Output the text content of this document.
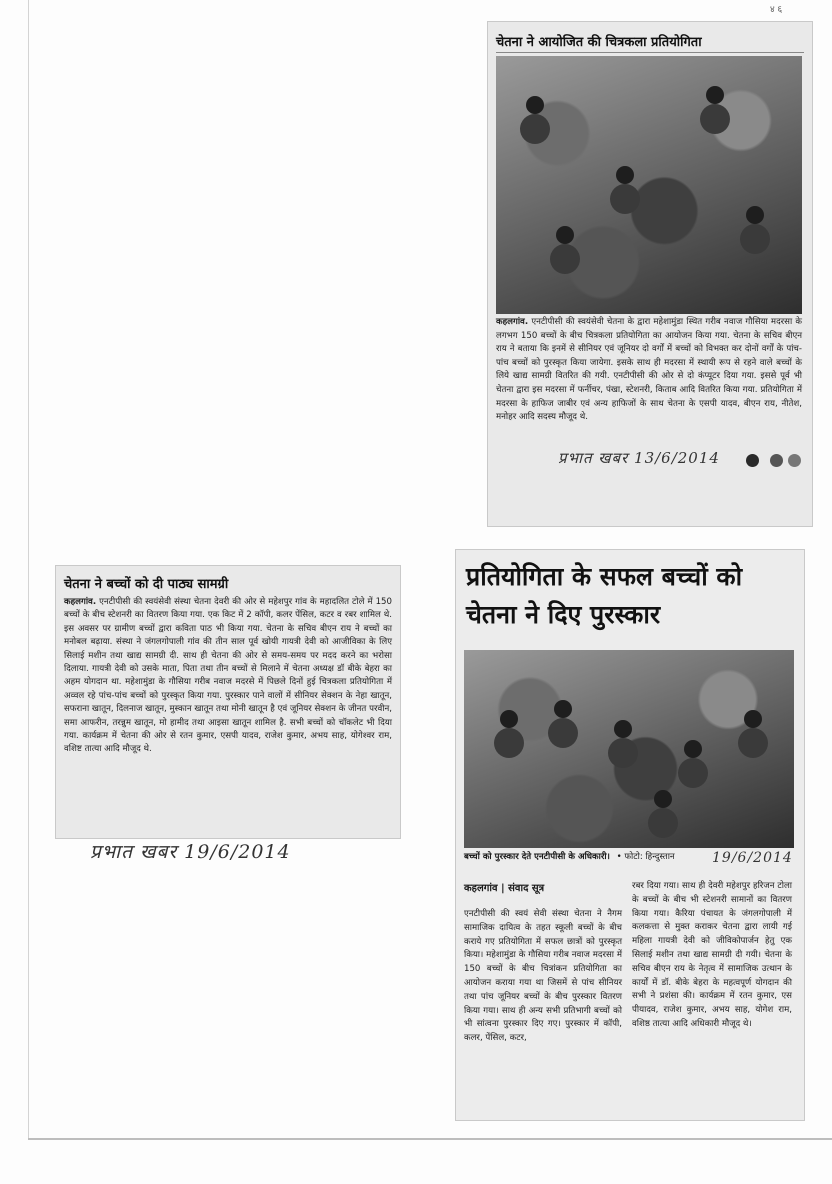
४ ६
चेतना ने आयोजित की चित्रकला प्रतियोगिता
कहलगांव. एनटीपीसी की स्वयंसेवी चेतना के द्वारा महेशामुंडा स्थित गरीब नवाज गौसिया मदरसा के लगभग 150 बच्चों के बीच चित्रकला प्रतियोगिता का आयोजन किया गया. चेतना के सचिव बीएन राय ने बताया कि इनमें से सीनियर एवं जूनियर दो वर्गों में बच्चों को विभक्त कर दोनों वर्गों के पांच-पांच बच्चों को पुरस्कृत किया जायेगा. इसके साथ ही मदरसा में स्थायी रूप से रहने वाले बच्चों के लिये खाद्य सामग्री वितरित की गयी. एनटीपीसी की ओर से दो कंप्यूटर दिया गया. इससे पूर्व भी चेतना द्वारा इस मदरसा में फर्नीचर, पंखा, स्टेशनरी, किताब आदि वितरित किया गया. प्रतियोगिता में मदरसा के हाफिज जाबीर एवं अन्य हाफिजों के साथ चेतना के एसपी यादव, बीएन राय, नीतेश, मनोहर आदि सदस्य मौजूद थे.
प्रभात खबर 13/6/2014
चेतना ने बच्चों को दी पाठ्य सामग्री
कहलगांव. एनटीपीसी की स्वयंसेवी संस्था चेतना देवरी की ओर से महेशपुर गांव के महादलित टोले में 150 बच्चों के बीच स्टेशनरी का वितरण किया गया. एक किट में 2 कॉपी, कलर पेंसिल, कटर व रबर शामिल थे. इस अवसर पर ग्रामीण बच्चों द्वारा कविता पाठ भी किया गया. चेतना के सचिव बीएन राय ने बच्चों का मनोबल बढ़ाया. संस्था ने जंगलगोपाली गांव की तीन साल पूर्व खोयी गायत्री देवी को आजीविका के लिए सिलाई मशीन तथा खाद्य सामग्री दी. साथ ही चेतना की ओर से समय-समय पर मदद करने का भरोसा दिलाया. गायत्री देवी को उसके माता, पिता तथा तीन बच्चों से मिलाने में चेतना अध्यक्ष डॉ बीके बेहरा का अहम योगदान था. महेशामुंडा के गौसिया गरीब नवाज मदरसे में पिछले दिनों हुई चित्रकला प्रतियोगिता में अव्वल रहे पांच-पांच बच्चों को पुरस्कृत किया गया. पुरस्कार पाने वालों में सीनियर सेक्शन के नेहा खातून, सफराना खातून, दिलनाज खातून, मुस्कान खातून तथा मोनी खातून है एवं जूनियर सेक्शन के जीनत परवीन, समा आफरीन, तरन्नुम खातून, मो हामीद तथा आइसा खातून शामिल है. सभी बच्चों को चॉकलेट भी दिया गया. कार्यक्रम में चेतना की ओर से रतन कुमार, एसपी यादव, राजेश कुमार, अभय साह, योगेश्वर राम, वशिष्ट तात्या आदि मौजूद थे.
प्रभात खबर 19/6/2014
प्रतियोगिता के सफल बच्चों को चेतना ने दिए पुरस्कार
बच्चों को पुरस्कार देते एनटीपीसी के अधिकारी। • फोटो: हिन्दुस्तान	19/6/2014
कहलगांव | संवाद सूत्र
एनटीपीसी की स्वयं सेवी संस्था चेतना ने नैगम सामाजिक दायित्व के तहत स्कूली बच्चों के बीच कराये गए प्रतियोगिता में सफल छात्रों को पुरस्कृत किया। महेशामुंडा के गौसिया गरीब नवाज मदरसा में 150 बच्चों के बीच चित्रांकन प्रतियोगिता का आयोजन कराया गया था जिसमें से पांच सीनियर तथा पांच जूनियर बच्चों के बीच पुरस्कार वितरण किया गया। साथ ही अन्य सभी प्रतिभागी बच्चों को भी सांत्वना पुरस्कार दिए गए। पुरस्कार में कॉपी, कलर, पेंसिल, कटर,
रबर दिया गया। साथ ही देवरी महेशपुर हरिजन टोला के बच्चों के बीच भी स्टेशनरी सामानों का वितरण किया गया। कैरिया पंचायत के जंगलगोपाली में कलकत्ता से मुक्त कराकर चेतना द्वारा लायी गई महिला गायत्री देवी को जीविकोपार्जन हेतु एक सिलाई मशीन तथा खाद्य सामग्री दी गयी। चेतना के सचिव बीएन राय के नेतृत्व में सामाजिक उत्थान के कार्यों में डॉ. बीके बेहरा के महत्वपूर्ण योगदान की सभी ने प्रशंसा की। कार्यक्रम में रतन कुमार, एस पीयादव, राजेश कुमार, अभय साह, योगेश राम, वशिष्ठ तात्या आदि अधिकारी मौजूद थे।
